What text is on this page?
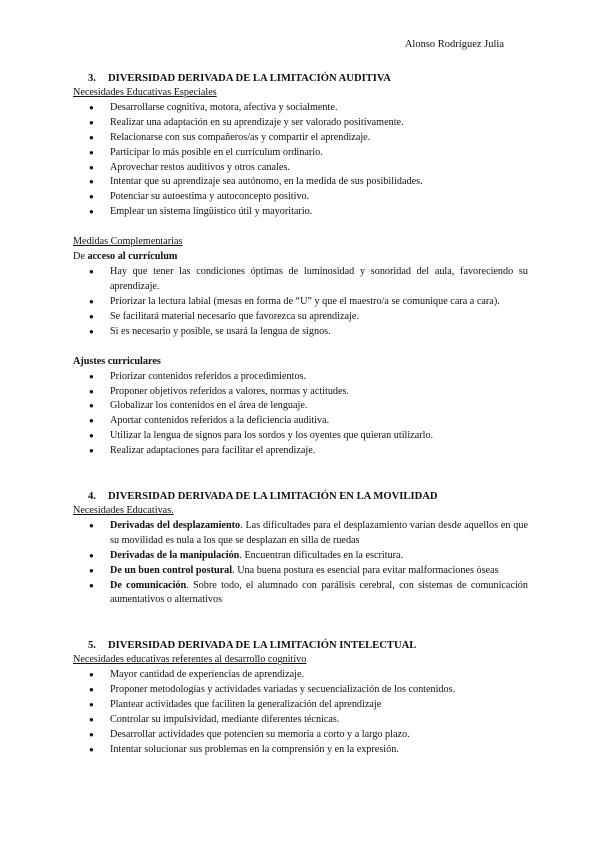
Alonso Rodríguez Julia
3. DIVERSIDAD DERIVADA DE LA LIMITACIÓN AUDITIVA
Necesidades Educativas Especiales
● Desarrollarse cognitiva, motora, afectiva y socialmente.
● Realizar una adaptación en su aprendizaje y ser valorado positivamente.
● Relacionarse con sus compañeros/as y compartir el aprendizaje.
● Participar lo más posible en el currículum ordinario.
● Aprovechar restos auditivos y otros canales.
● Intentar que su aprendizaje sea autónomo, en la medida de sus posibilidades.
● Potenciar su autoestima y autoconcepto positivo.
● Emplear un sistema lingüístico útil y mayoritario.
Medidas Complementarias
De acceso al currículum
● Hay que tener las condiciones óptimas de luminosidad y sonoridad del aula, favoreciendo su aprendizaje.
● Priorizar la lectura labial (mesas en forma de “U” y que el maestro/a se comunique cara a cara).
● Se facilitará material necesario que favorezca su aprendizaje.
● Si es necesario y posible, se usará la lengua de signos.
Ajustes curriculares
● Priorizar contenidos referidos a procedimientos.
● Proponer objetivos referidos a valores, normas y actitudes.
● Globalizar los contenidos en el área de lenguaje.
● Aportar contenidos referidos a la deficiencia auditiva.
● Utilizar la lengua de signos para los sordos y los oyentes que quieran utilizarlo.
● Realizar adaptaciones para facilitar el aprendizaje.
4. DIVERSIDAD DERIVADA DE LA LIMITACIÓN EN LA MOVILIDAD
Necesidades Educativas.
● Derivadas del desplazamiento. Las dificultades para el desplazamiento varían desde aquellos en que su movilidad es nula a los que se desplazan en silla de ruedas
● Derivadas de la manipulación. Encuentran dificultades en la escritura.
● De un buen control postural. Una buena postura es esencial para evitar malformaciones óseas
● De comunicación. Sobre todo, el alumnado con parálisis cerebral, con sistemas de comunicación aumentativos o alternativos
5. DIVERSIDAD DERIVADA DE LA LIMITACIÓN INTELECTUAL
Necesidades educativas referentes al desarrollo cognitivo
● Mayor cantidad de experiencias de aprendizaje.
● Proponer metodologías y actividades variadas y secuencialización de los contenidos.
● Plantear actividades que faciliten la generalización del aprendizaje
● Controlar su impulsividad, mediante diferentes técnicas.
● Desarrollar actividades que potencien su memoria a corto y a largo plazo.
● Intentar solucionar sus problemas en la comprensión y en la expresión.
